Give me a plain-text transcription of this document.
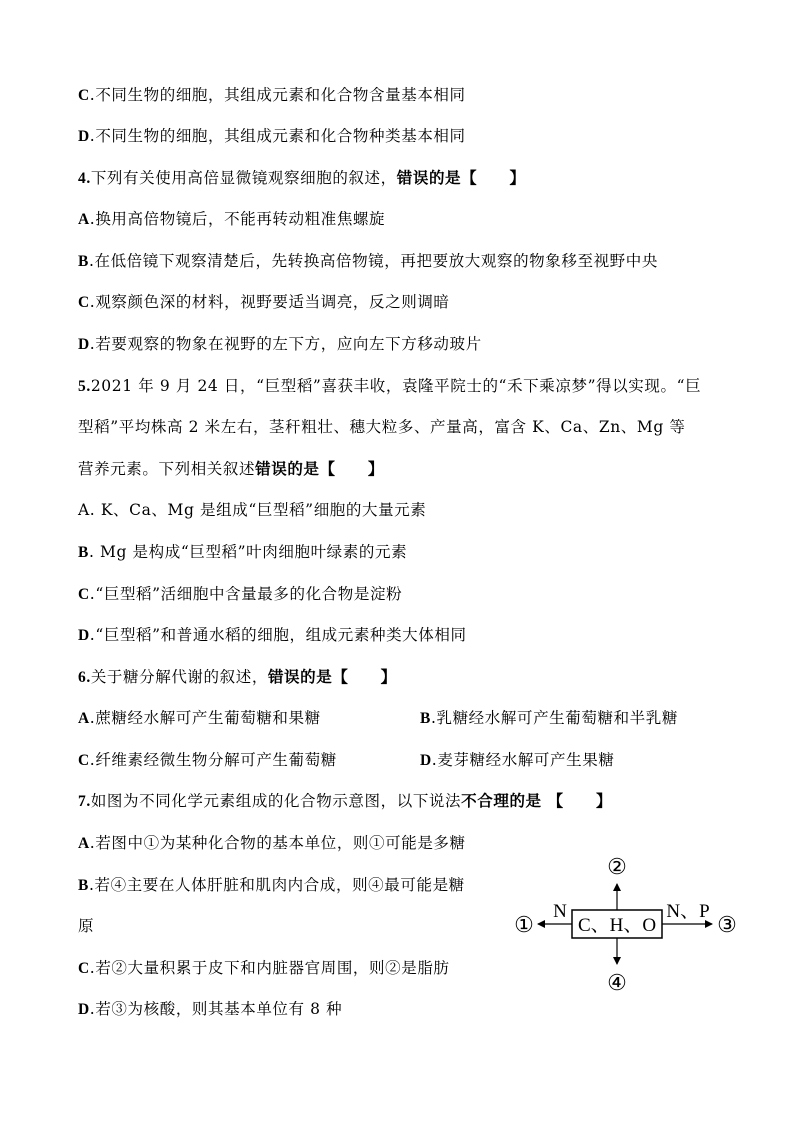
C.不同生物的细胞，其组成元素和化合物含量基本相同
D.不同生物的细胞，其组成元素和化合物种类基本相同
4.下列有关使用高倍显微镜观察细胞的叙述，错误的是【　　】
A.换用高倍物镜后，不能再转动粗准焦螺旋
B.在低倍镜下观察清楚后，先转换高倍物镜，再把要放大观察的物象移至视野中央
C.观察颜色深的材料，视野要适当调亮，反之则调暗
D.若要观察的物象在视野的左下方，应向左下方移动玻片
5.2021 年 9 月 24 日，“巨型稻”喜获丰收，袁隆平院士的“禾下乘凉梦”得以实现。“巨
型稻”平均株高 2 米左右，茎秆粗壮、穗大粒多、产量高，富含 K、Ca、Zn、Mg 等
营养元素。下列相关叙述错误的是【　　】
A. K、Ca、Mg 是组成“巨型稻”细胞的大量元素
B. Mg 是构成“巨型稻”叶肉细胞叶绿素的元素
C.“巨型稻”活细胞中含量最多的化合物是淀粉
D.“巨型稻”和普通水稻的细胞，组成元素种类大体相同
6.关于糖分解代谢的叙述，错误的是【　　】
A.蔗糖经水解可产生葡萄糖和果糖	B.乳糖经水解可产生葡萄糖和半乳糖
C.纤维素经微生物分解可产生葡萄糖	D.麦芽糖经水解可产生果糖
7.如图为不同化学元素组成的化合物示意图，以下说法不合理的是 【　　】
A.若图中①为某种化合物的基本单位，则①可能是多糖
B.若④主要在人体肝脏和肌肉内合成，则④最可能是糖
原
C.若②大量积累于皮下和内脏器官周围，则②是脂肪
D.若③为核酸，则其基本单位有 8 种
C、H、O
N	N、P
②
④
①	③
